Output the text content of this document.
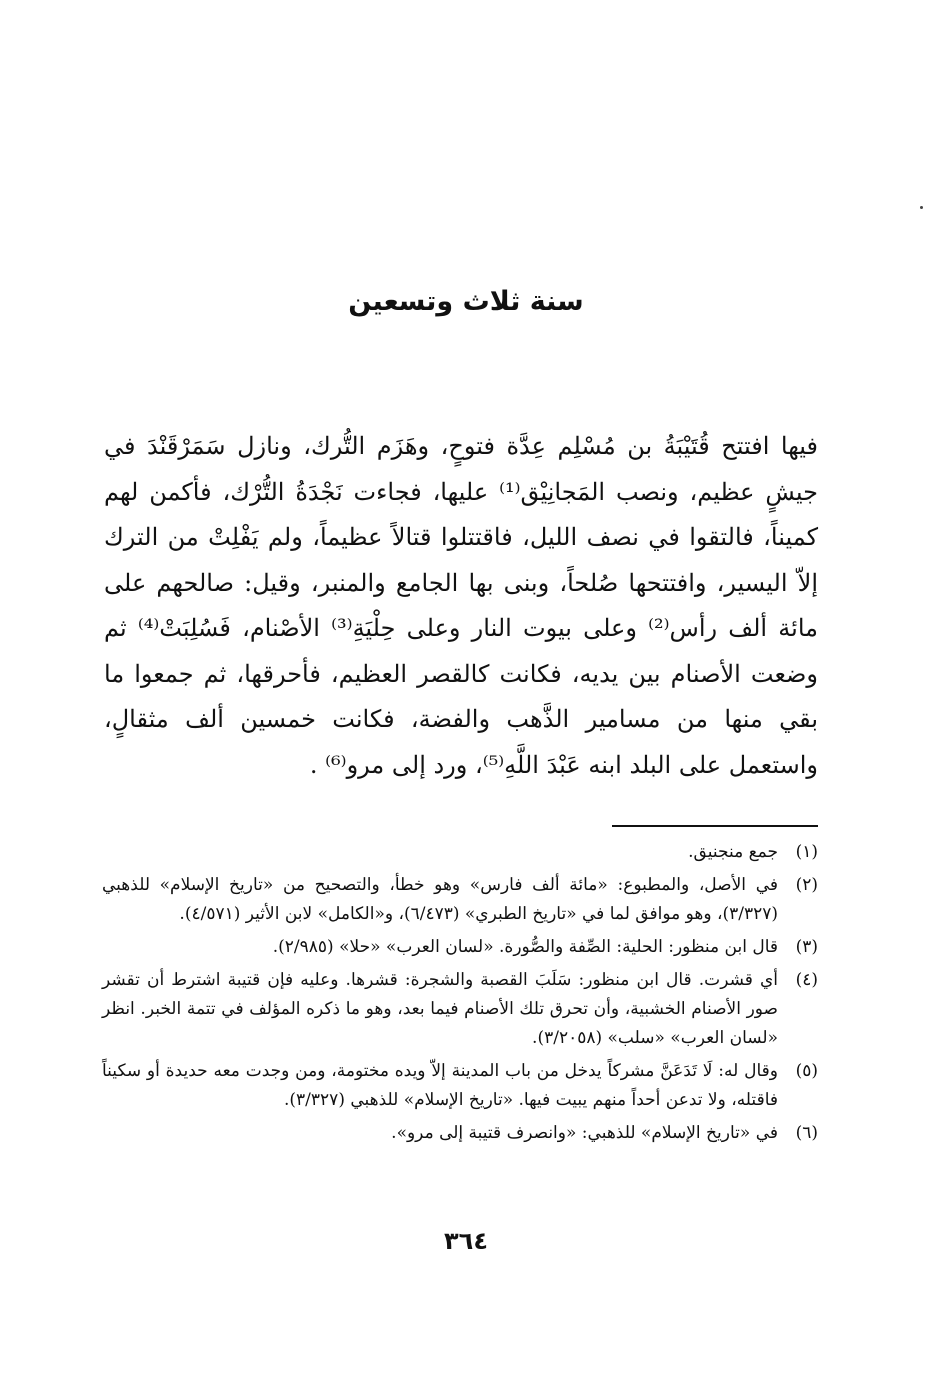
سنة ثلاث وتسعين

فيها افتتح قُتَيْبَةُ بن مُسْلِم عِدَّة فتوحٍ، وهَزَم التُّرك، ونازل سَمَرْقَنْدَ في جيشٍ عظيم، ونصب المَجانِيْق⁽¹⁾ عليها، فجاءت نَجْدَةُ التُّرْك، فأكمن لهم كميناً، فالتقوا في نصف الليل، فاقتتلوا قتالاً عظيماً، ولم يَفْلِتْ من الترك إلاّ اليسير، وافتتحها صُلحاً، وبنى بها الجامع والمنبر، وقيل: صالحهم على مائة ألف رأس⁽²⁾ وعلى بيوت النار وعلى حِلْيَةِ⁽³⁾ الأصْنام، فَسُلِبَتْ⁽⁴⁾ ثم وضعت الأصنام بين يديه، فكانت كالقصر العظيم، فأحرقها، ثم جمعوا ما بقي منها من مسامير الذَّهب والفضة، فكانت خمسين ألف مثقالٍ، واستعمل على البلد ابنه عَبْدَ اللَّهِ⁽⁵⁾، ورد إلى مرو⁽⁶⁾ .

(١)
جمع منجنيق.
(٢)
في الأصل، والمطبوع: «مائة ألف فارس» وهو خطأ، والتصحيح من «تاريخ الإسلام» للذهبي (٣/٣٢٧)، وهو موافق لما في «تاريخ الطبري» (٦/٤٧٣)، و«الكامل» لابن الأثير (٤/٥٧١).
(٣)
قال ابن منظور: الحلية: الصِّفة والصُّورة. «لسان العرب» «حلا» (٢/٩٨٥).
(٤)
أي قشرت. قال ابن منظور: سَلَبَ القصبة والشجرة: قشرها. وعليه فإن قتيبة اشترط أن تقشر صور الأصنام الخشبية، وأن تحرق تلك الأصنام فيما بعد، وهو ما ذكره المؤلف في تتمة الخبر. انظر «لسان العرب» «سلب» (٣/٢٠٥٨).
(٥)
وقال له: لَا تَدَعَنَّ مشركاً يدخل من باب المدينة إلاّ ويده مختومة، ومن وجدت معه حديدة أو سكيناً فاقتله، ولا تدعن أحداً منهم يبيت فيها. «تاريخ الإسلام» للذهبي (٣/٣٢٧).
(٦)
في «تاريخ الإسلام» للذهبي: «وانصرف قتيبة إلى مرو».
٣٦٤
